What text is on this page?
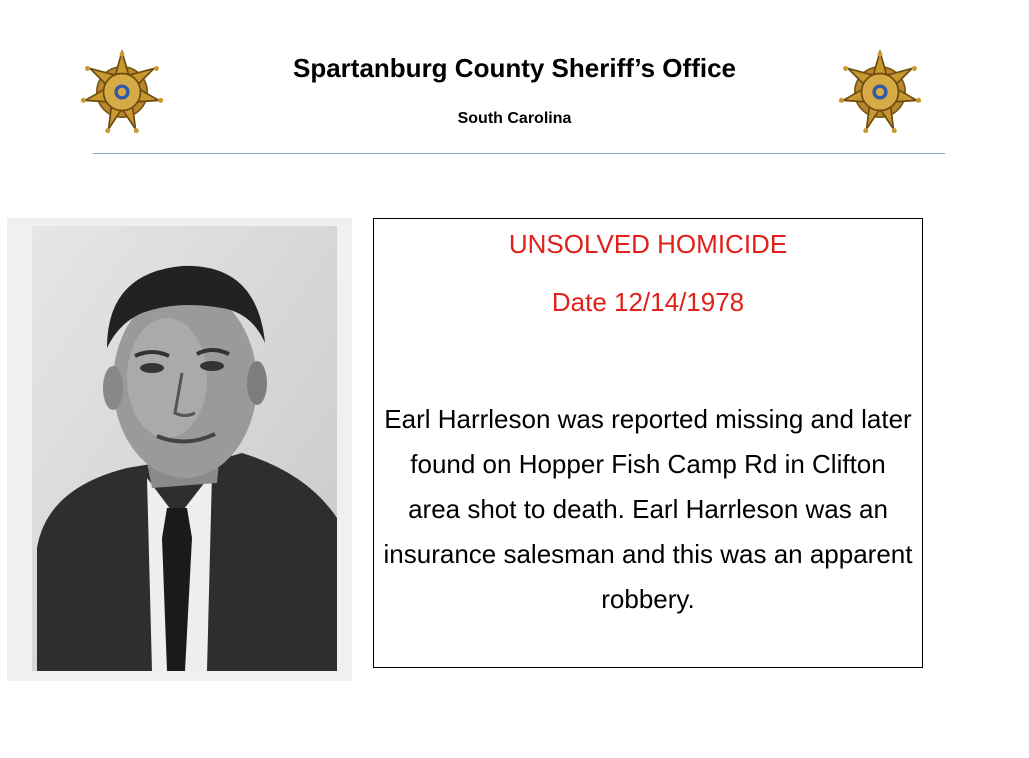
Spartanburg County Sheriff’s Office
South Carolina
UNSOLVED HOMICIDE
Date 12/14/1978
Earl Harrleson was reported missing and later found on Hopper Fish Camp Rd in Clifton area shot to death. Earl Harrleson was an insurance salesman and this was an apparent robbery.
